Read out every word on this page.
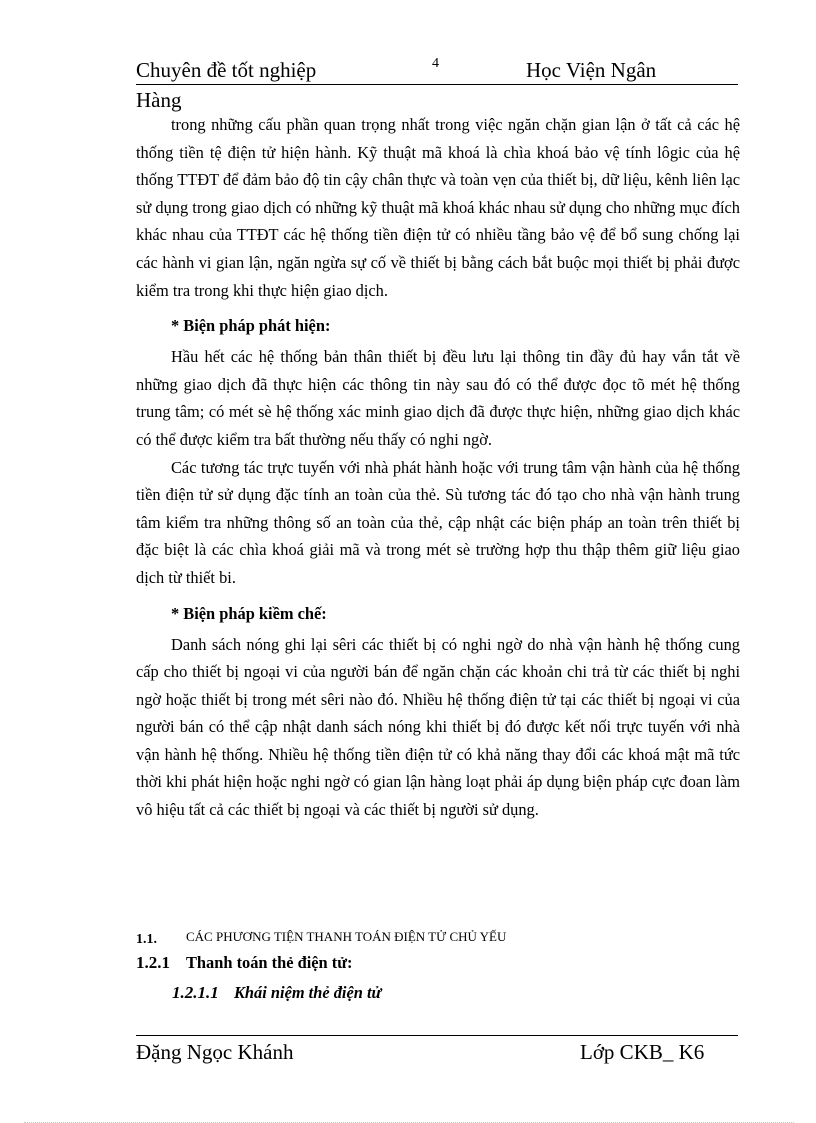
Chuyên đề tốt nghiệp	4	Học Viện Ngân
Hàng

trong những cấu phần quan trọng nhất trong việc ngăn chặn gian lận ở tất cả các hệ thống tiền tệ điện tử hiện hành. Kỹ thuật mã khoá là chìa khoá bảo vệ tính lôgic của hệ thống TTĐT để đảm bảo độ tin cậy chân thực và toàn vẹn của thiết bị, dữ liệu, kênh liên lạc sử dụng trong giao dịch có những kỹ thuật mã khoá khác nhau sử dụng cho những mục đích khác nhau của TTĐT các hệ thống tiền điện tử có nhiều tầng bảo vệ để bổ sung chống lại các hành vi gian lận, ngăn ngừa sự cố về thiết bị bằng cách bắt buộc mọi thiết bị phải được kiểm tra trong khi thực hiện giao dịch.

* Biện pháp phát hiện:

Hầu hết các hệ thống bản thân thiết bị đều lưu lại thông tin đầy đủ hay vắn tắt về những giao dịch đã thực hiện các thông tin này sau đó có thể được đọc tõ mét hệ thống trung tâm; có mét sè hệ thống xác minh giao dịch đã được thực hiện, những giao dịch khác có thể được kiểm tra bất thường nếu thấy có nghi ngờ.

Các tương tác trực tuyến với nhà phát hành hoặc với trung tâm vận hành của hệ thống tiền điện tử sử dụng đặc tính an toàn của thẻ. Sù tương tác đó tạo cho nhà vận hành trung tâm kiểm tra những thông số an toàn của thẻ, cập nhật các biện pháp an toàn trên thiết bị đặc biệt là các chìa khoá giải mã và trong mét sè trường hợp thu thập thêm giữ liệu giao dịch từ thiết bi.

* Biện pháp kiềm chế:

Danh sách nóng ghi lại sêri các thiết bị có nghi ngờ do nhà vận hành hệ thống cung cấp cho thiết bị ngoại vi của người bán để ngăn chặn các khoản chi trả từ các thiết bị nghi ngờ hoặc thiết bị trong mét sêri nào đó. Nhiều hệ thống điện tử tại các thiết bị ngoại vi của người bán có thể cập nhật danh sách nóng khi thiết bị đó được kết nối trực tuyến với nhà vận hành hệ thống. Nhiều hệ thống tiền điện tử có khả năng thay đổi các khoá mật mã tức thời khi phát hiện hoặc nghi ngờ có gian lận hàng loạt phải áp dụng biện pháp cực đoan làm vô hiệu tất cả các thiết bị ngoại và các thiết bị người sử dụng.

1.1. CÁC PHƯƠNG TIỆN THANH TOÁN ĐIỆN TỬ CHỦ YẾU
1.2.1 Thanh toán thẻ điện tử:
1.2.1.1 Khái niệm thẻ điện tử
Đặng Ngọc Khánh	Lớp CKB_ K6
